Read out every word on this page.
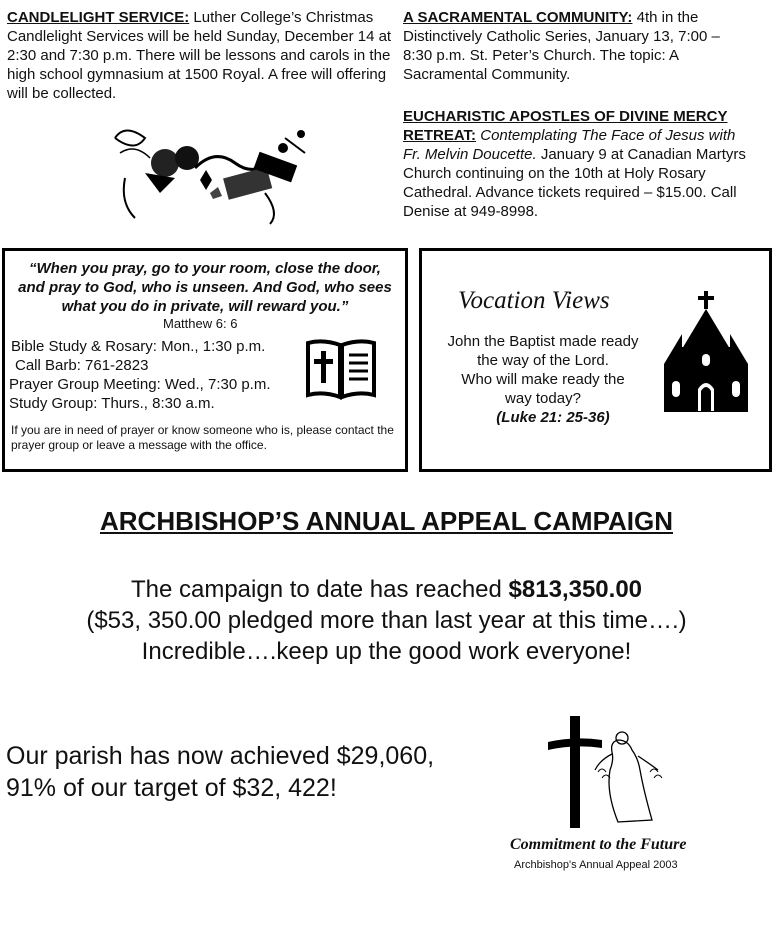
CANDLELIGHT SERVICE: Luther College’s Christmas Candlelight Services will be held Sunday, December 14 at 2:30 and 7:30 p.m. There will be lessons and carols in the high school gymnasium at 1500 Royal. A free will offering will be collected.

A SACRAMENTAL COMMUNITY: 4th in the Distinctively Catholic Series, January 13, 7:00 – 8:30 p.m. St. Peter’s Church. The topic: A Sacramental Community.

EUCHARISTIC APOSTLES OF DIVINE MERCY RETREAT: Contemplating The Face of Jesus with Fr. Melvin Doucette. January 9 at Canadian Martyrs Church continuing on the 10th at Holy Rosary Cathedral. Advance tickets required – $15.00. Call Denise at 949-8998.

“When you pray, go to your room, close the door, and pray to God, who is unseen. And God, who sees what you do in private, will reward you.”
Matthew 6: 6
Bible Study & Rosary: Mon., 1:30 p.m.
Call Barb: 761-2823
Prayer Group Meeting: Wed., 7:30 p.m.
Study Group: Thurs., 8:30 a.m.
If you are in need of prayer or know someone who is, please contact the prayer group or leave a message with the office.
Vocation Views
John the Baptist made ready
the way of the Lord.
Who will make ready the
way today?
(Luke 21: 25-36)
ARCHBISHOP’S ANNUAL APPEAL CAMPAIGN
The campaign to date has reached $813,350.00
($53, 350.00 pledged more than last year at this time….)
Incredible….keep up the good work everyone!
Our parish has now achieved $29,060,
91% of our target of $32, 422!
Commitment to the Future
Archbishop's Annual Appeal 2003
